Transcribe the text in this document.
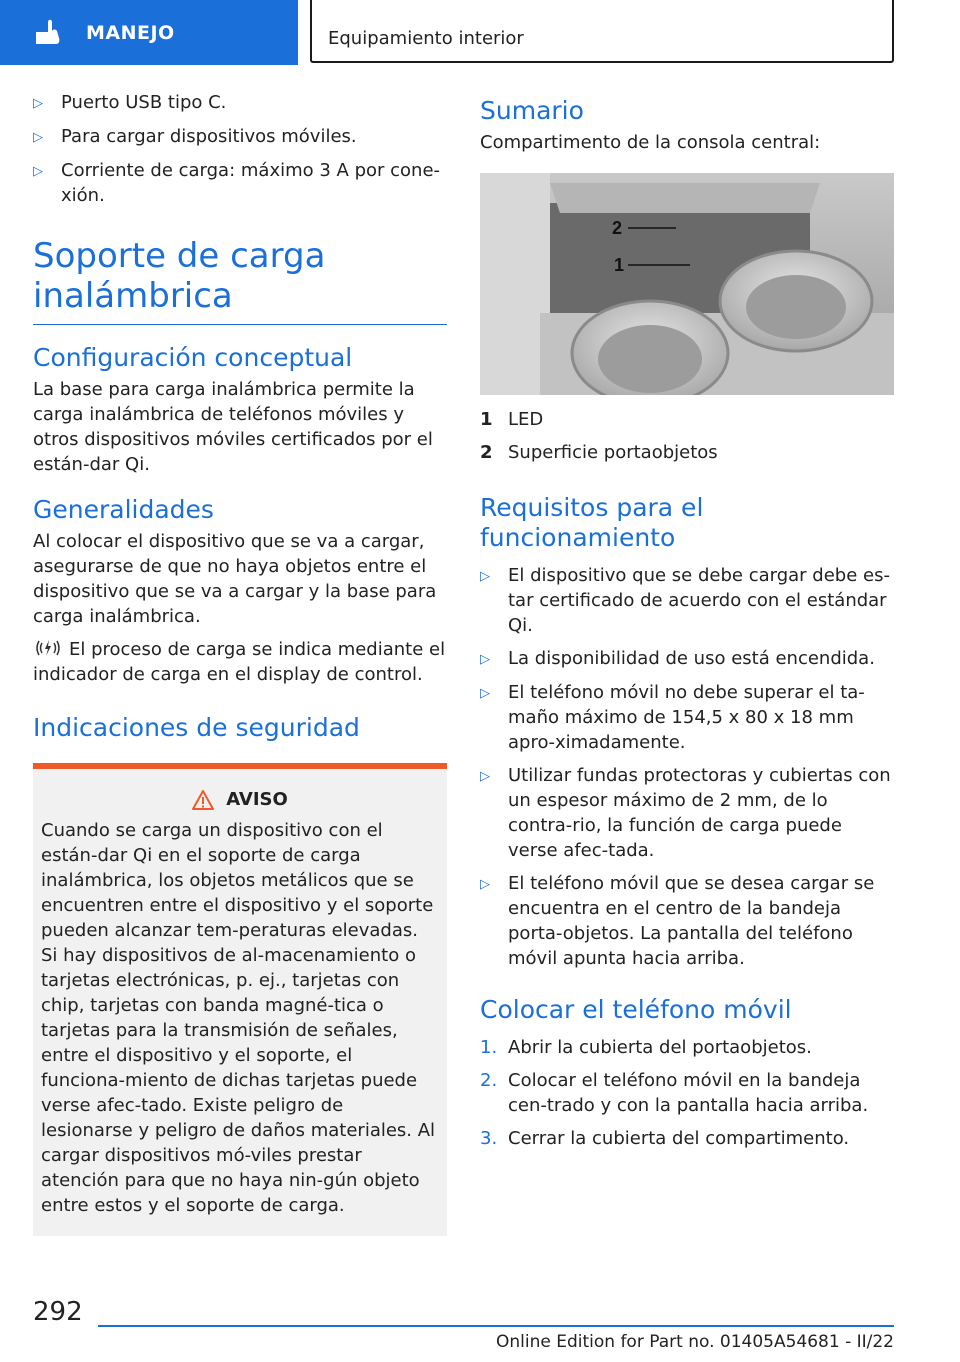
MANEJO	Equipamiento interior
▷	Puerto USB tipo C.
▷	Para cargar dispositivos móviles.
▷	Corriente de carga: máximo 3 A por cone‐xión.
Soporte de carga inalámbrica
Configuración conceptual

La base para carga inalámbrica permite la carga inalámbrica de teléfonos móviles y otros dispositivos móviles certificados por el están‐dar Qi.

Generalidades

Al colocar el dispositivo que se va a cargar, asegurarse de que no haya objetos entre el dispositivo que se va a cargar y la base para carga inalámbrica.

El proceso de carga se indica mediante el indicador de carga en el display de control.

Indicaciones de seguridad
AVISO

Cuando se carga un dispositivo con el están‐dar Qi en el soporte de carga inalámbrica, los objetos metálicos que se encuentren entre el dispositivo y el soporte pueden alcanzar tem‐peraturas elevadas. Si hay dispositivos de al‐macenamiento o tarjetas electrónicas, p. ej., tarjetas con chip, tarjetas con banda magné‐tica o tarjetas para la transmisión de señales, entre el dispositivo y el soporte, el funciona‐miento de dichas tarjetas puede verse afec‐tado. Existe peligro de lesionarse y peligro de daños materiales. Al cargar dispositivos mó‐viles prestar atención para que no haya nin‐gún objeto entre estos y el soporte de carga.

Sumario

Compartimento de la consola central:

2
1
1 LED
2 Superficie portaobjetos
Requisitos para el funcionamiento
▷	El dispositivo que se debe cargar debe es‐tar certificado de acuerdo con el estándar Qi.
▷	La disponibilidad de uso está encendida.
▷	El teléfono móvil no debe superar el ta‐maño máximo de 154,5 x 80 x 18 mm apro‐ximadamente.
▷	Utilizar fundas protectoras y cubiertas con un espesor máximo de 2 mm, de lo contra‐rio, la función de carga puede verse afec‐tada.
▷	El teléfono móvil que se desea cargar se encuentra en el centro de la bandeja porta‐objetos. La pantalla del teléfono móvil apunta hacia arriba.
Colocar el teléfono móvil
1. Abrir la cubierta del portaobjetos.
2. Colocar el teléfono móvil en la bandeja cen‐trado y con la pantalla hacia arriba.
3. Cerrar la cubierta del compartimento.
292
Online Edition for Part no. 01405A54681 - II/22
